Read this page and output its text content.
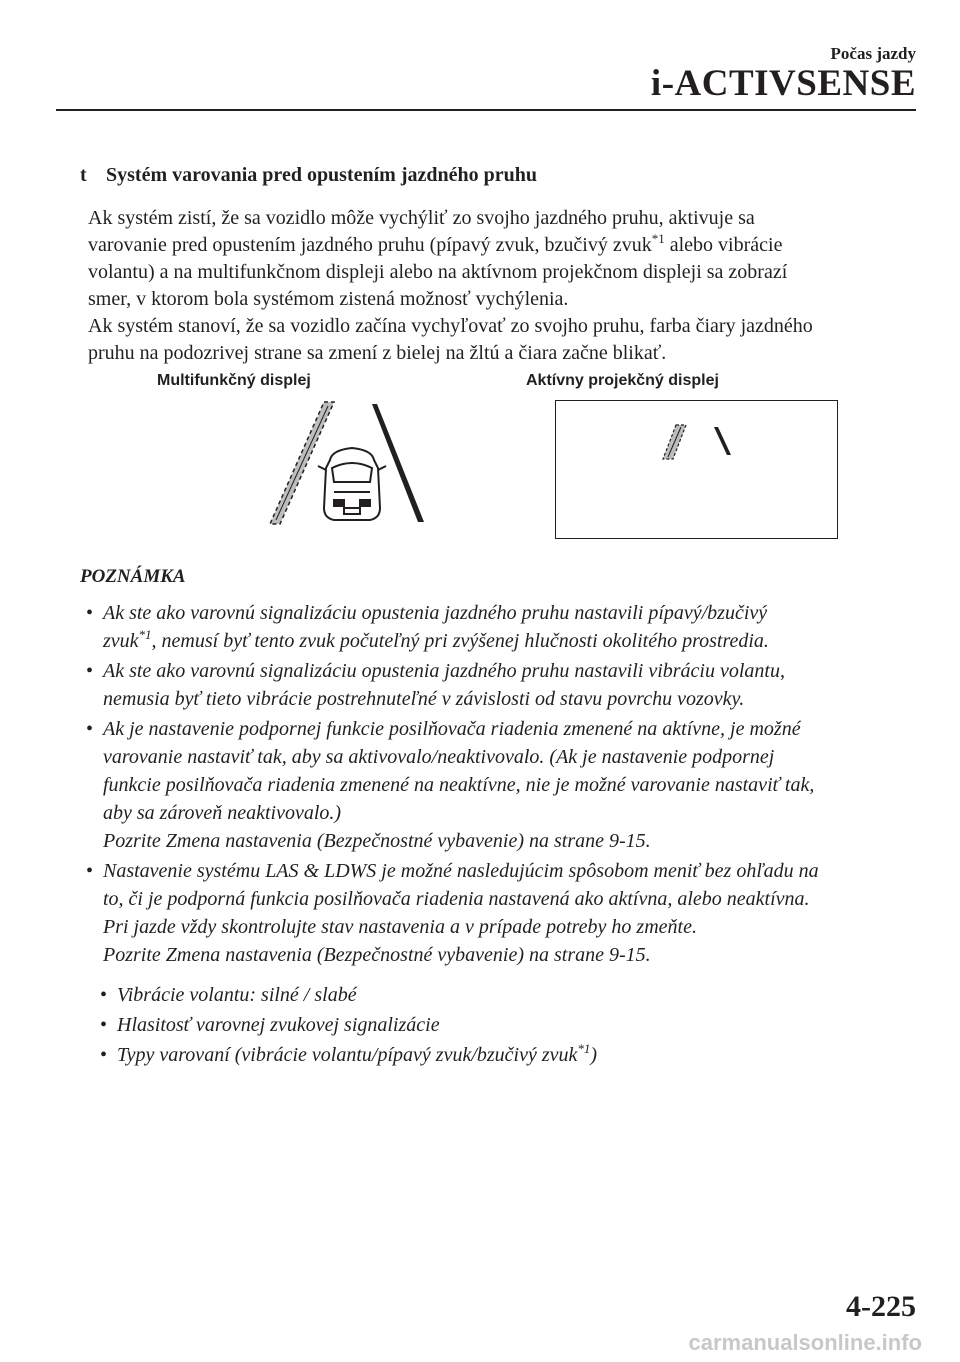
Počas jazdy
i-ACTIVSENSE
t Systém varovania pred opustením jazdného pruhu

Ak systém zistí, že sa vozidlo môže vychýliť zo svojho jazdného pruhu, aktivuje sa

varovanie pred opustením jazdného pruhu (pípavý zvuk, bzučivý zvuk$^{*1}$ alebo vibrácie

volantu) a na multifunkčnom displeji alebo na aktívnom projekčnom displeji sa zobrazí

smer, v ktorom bola systémom zistená možnosť vychýlenia.

Ak systém stanoví, že sa vozidlo začína vychyľovať zo svojho pruhu, farba čiary jazdného

pruhu na podozrivej strane sa zmení z bielej na žltú a čiara začne blikať.

Multifunkčný displej	Aktívny projekčný displej
POZNÁMKA
• Ak ste ako varovnú signalizáciu opustenia jazdného pruhu nastavili pípavý/bzučivý
zvuk$^{*1}$, nemusí byť tento zvuk počuteľný pri zvýšenej hlučnosti okolitého prostredia.
• Ak ste ako varovnú signalizáciu opustenia jazdného pruhu nastavili vibráciu volantu,
nemusia byť tieto vibrácie postrehnuteľné v závislosti od stavu povrchu vozovky.
• Ak je nastavenie podpornej funkcie posilňovača riadenia zmenené na aktívne, je možné
varovanie nastaviť tak, aby sa aktivovalo/neaktivovalo. (Ak je nastavenie podpornej
funkcie posilňovača riadenia zmenené na neaktívne, nie je možné varovanie nastaviť tak,
aby sa zároveň neaktivovalo.)
Pozrite Zmena nastavenia (Bezpečnostné vybavenie) na strane 9-15.
• Nastavenie systému LAS & LDWS je možné nasledujúcim spôsobom meniť bez ohľadu na
to, či je podporná funkcia posilňovača riadenia nastavená ako aktívna, alebo neaktívna.
Pri jazde vždy skontrolujte stav nastavenia a v prípade potreby ho zmeňte.
Pozrite Zmena nastavenia (Bezpečnostné vybavenie) na strane 9-15.
• Vibrácie volantu: silné / slabé
• Hlasitosť varovnej zvukovej signalizácie
• Typy varovaní (vibrácie volantu/pípavý zvuk/bzučivý zvuk$^{*1}$)
4-225
carmanualsonline.info
